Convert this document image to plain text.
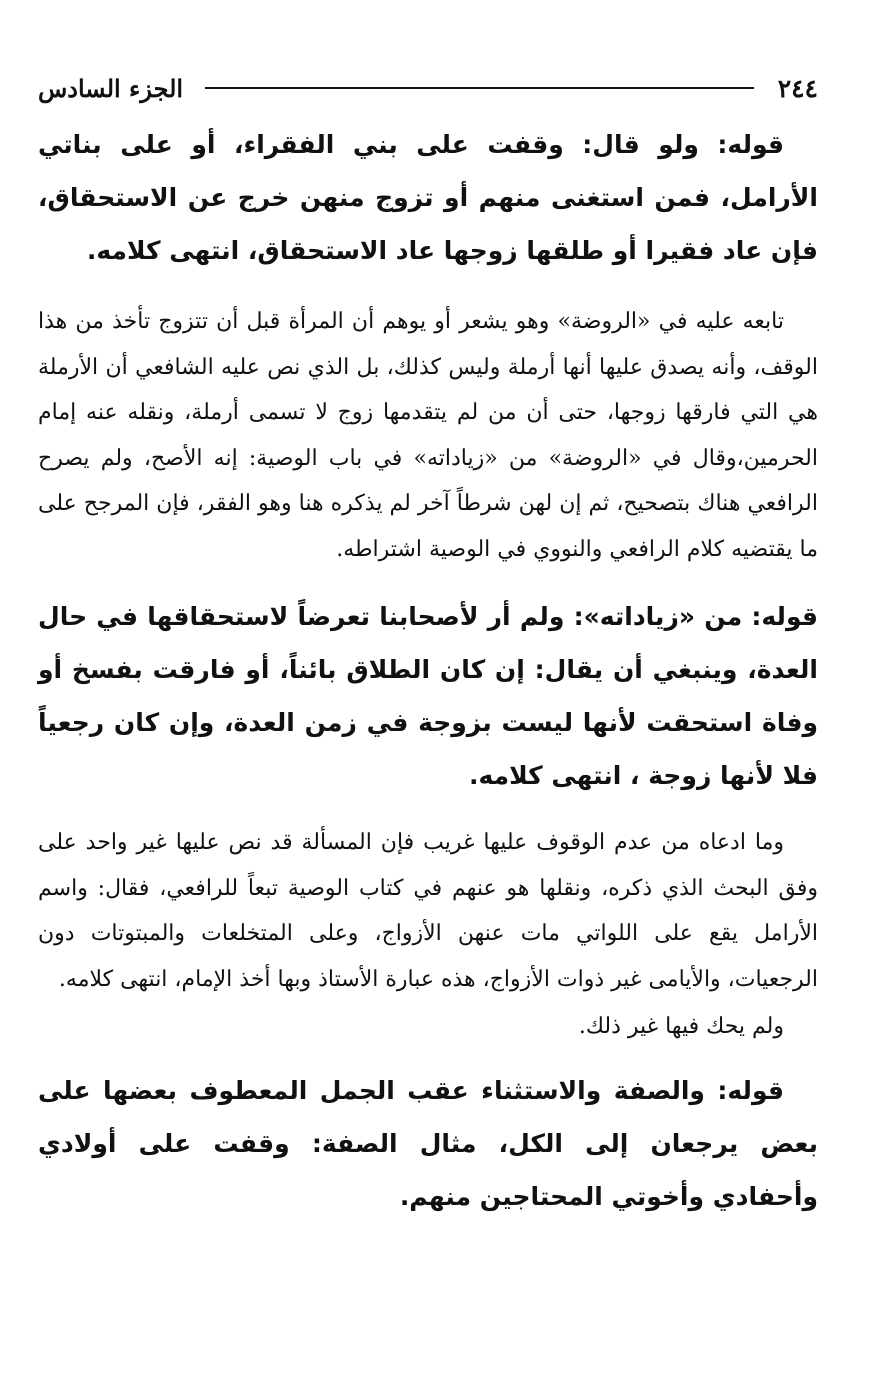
٢٤٤
الجزء السادس

قوله: ولو قال: وقفت على بني الفقراء، أو على بناتي الأرامل، فمن استغنى منهم أو تزوج منهن خرج عن الاستحقاق، فإن عاد فقيرا أو طلقها زوجها عاد الاستحقاق، انتهى كلامه.

تابعه عليه في «الروضة» وهو يشعر أو يوهم أن المرأة قبل أن تتزوج تأخذ من هذا الوقف، وأنه يصدق عليها أنها أرملة وليس كذلك، بل الذي نص عليه الشافعي أن الأرملة هي التي فارقها زوجها، حتى أن من لم يتقدمها زوج لا تسمى أرملة، ونقله عنه إمام الحرمين،وقال في «الروضة» من «زياداته» في باب الوصية: إنه الأصح، ولم يصرح الرافعي هناك بتصحيح، ثم إن لهن شرطاً آخر لم يذكره هنا وهو الفقر، فإن المرجح على ما يقتضيه كلام الرافعي والنووي في الوصية اشتراطه.

قوله: من «زياداته»: ولم أر لأصحابنا تعرضاً لاستحقاقها في حال العدة، وينبغي أن يقال: إن كان الطلاق بائناً، أو فارقت بفسخ أو وفاة استحقت لأنها ليست بزوجة في زمن العدة، وإن كان رجعياً فلا لأنها زوجة ، انتهى كلامه.

وما ادعاه من عدم الوقوف عليها غريب فإن المسألة قد نص عليها غير واحد على وفق البحث الذي ذكره، ونقلها هو عنهم في كتاب الوصية تبعاً للرافعي، فقال: واسم الأرامل يقع على اللواتي مات عنهن الأزواج، وعلى المتخلعات والمبتوتات دون الرجعيات، والأيامى غير ذوات الأزواج، هذه عبارة الأستاذ وبها أخذ الإمام، انتهى كلامه.

ولم يحك فيها غير ذلك.

قوله: والصفة والاستثناء عقب الجمل المعطوف بعضها على بعض يرجعان إلى الكل، مثال الصفة: وقفت على أولادي وأحفادي وأخوتي المحتاجين منهم.
